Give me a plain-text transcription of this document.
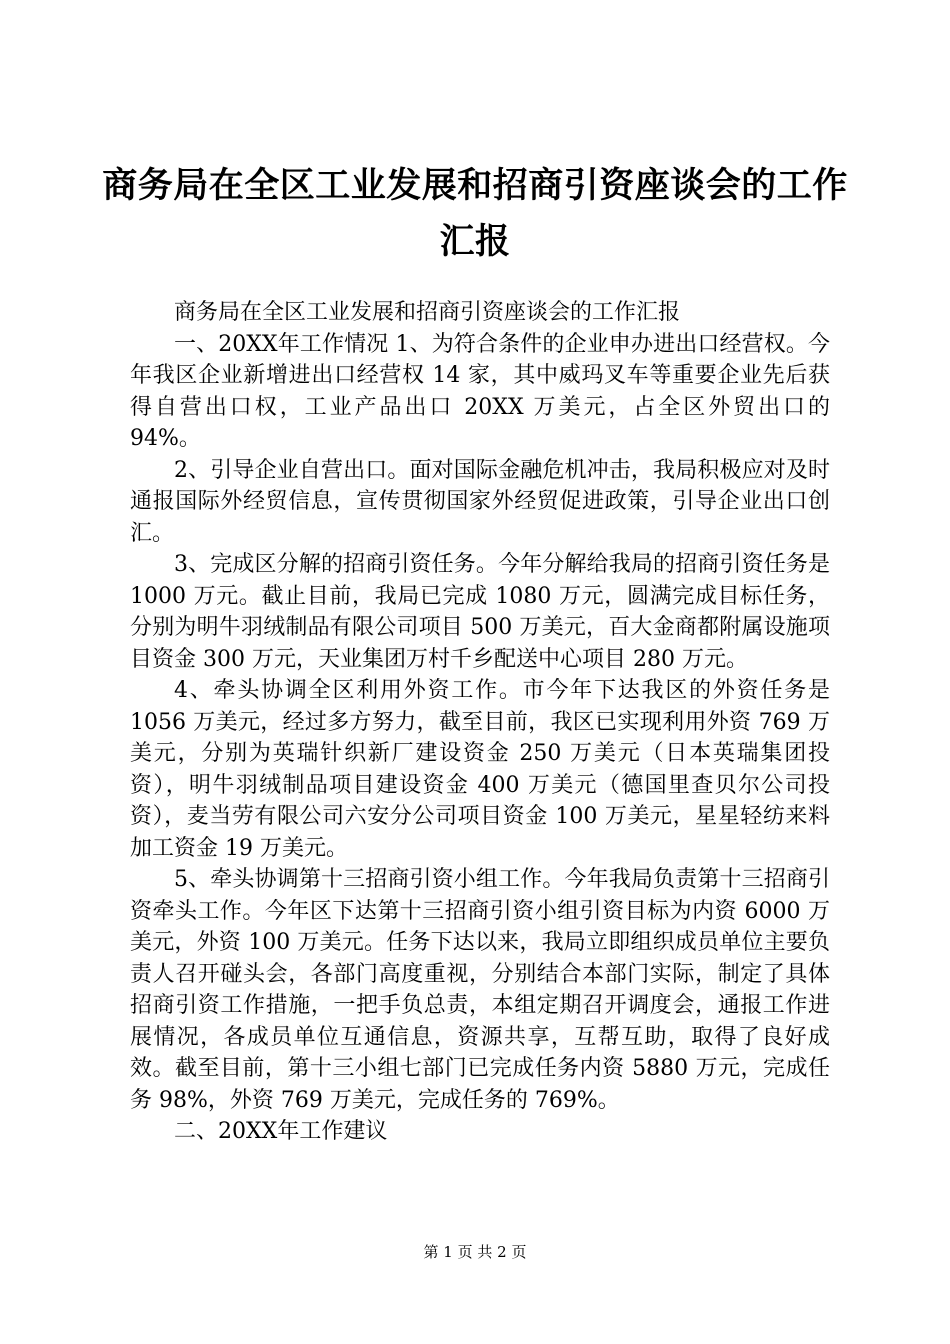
商务局在全区工业发展和招商引资座谈会的工作汇报

商务局在全区工业发展和招商引资座谈会的工作汇报

一、20XX年工作情况 1、为符合条件的企业申办进出口经营权。今年我区企业新增进出口经营权 14 家，其中威玛叉车等重要企业先后获得自营出口权，工业产品出口 20XX 万美元，占全区外贸出口的 94%。

2、引导企业自营出口。面对国际金融危机冲击，我局积极应对及时通报国际外经贸信息，宣传贯彻国家外经贸促进政策，引导企业出口创汇。

3、完成区分解的招商引资任务。今年分解给我局的招商引资任务是 1000 万元。截止目前，我局已完成 1080 万元，圆满完成目标任务，分别为明牛羽绒制品有限公司项目 500 万美元，百大金商都附属设施项目资金 300 万元，天业集团万村千乡配送中心项目 280 万元。

4、牵头协调全区利用外资工作。市今年下达我区的外资任务是 1056 万美元，经过多方努力，截至目前，我区已实现利用外资 769 万美元，分别为英瑞针织新厂建设资金 250 万美元（日本英瑞集团投资），明牛羽绒制品项目建设资金 400 万美元（德国里查贝尔公司投资），麦当劳有限公司六安分公司项目资金 100 万美元，星星轻纺来料加工资金 19 万美元。

5、牵头协调第十三招商引资小组工作。今年我局负责第十三招商引资牵头工作。今年区下达第十三招商引资小组引资目标为内资 6000 万美元，外资 100 万美元。任务下达以来，我局立即组织成员单位主要负责人召开碰头会，各部门高度重视，分别结合本部门实际，制定了具体招商引资工作措施，一把手负总责，本组定期召开调度会，通报工作进展情况，各成员单位互通信息，资源共享，互帮互助，取得了良好成效。截至目前，第十三小组七部门已完成任务内资 5880 万元，完成任务 98%，外资 769 万美元，完成任务的 769%。

二、20XX年工作建议

第 1 页 共 2 页
